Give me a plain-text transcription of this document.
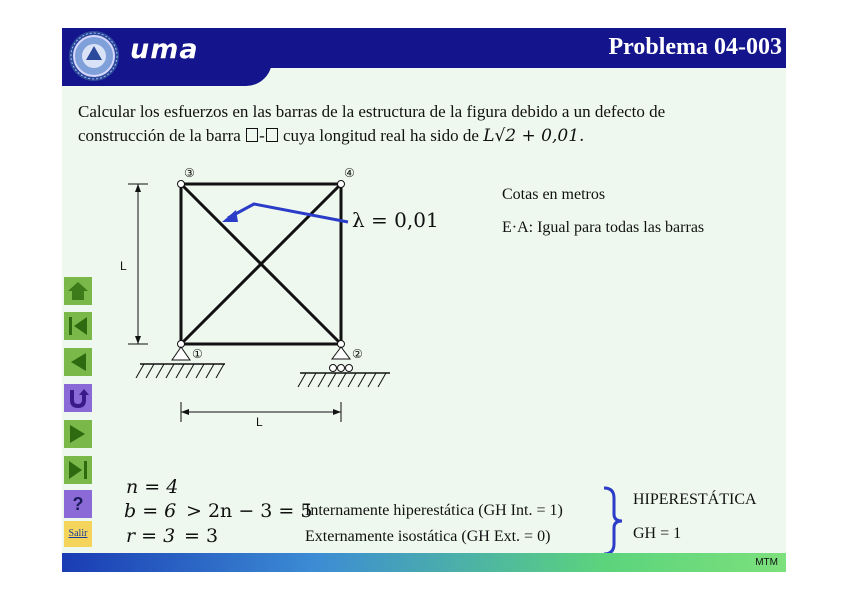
uma	Problema 04-003
Calcular los esfuerzos en las barras de la estructura de la figura debido a un defecto de
construcción de la barra - cuya longitud real ha sido de L√2 + 0,01.
③	④
①	②
L
L
λ = 0,01
Cotas en metros
E·A: Igual para todas las barras
?
Salir
n = 4
b = 6 > 2n − 3 = 5
r = 3 = 3
Internamente hiperestática (GH Int. = 1)
Externamente isostática (GH Ext. = 0)
HIPERESTÁTICA
GH = 1
MTM
